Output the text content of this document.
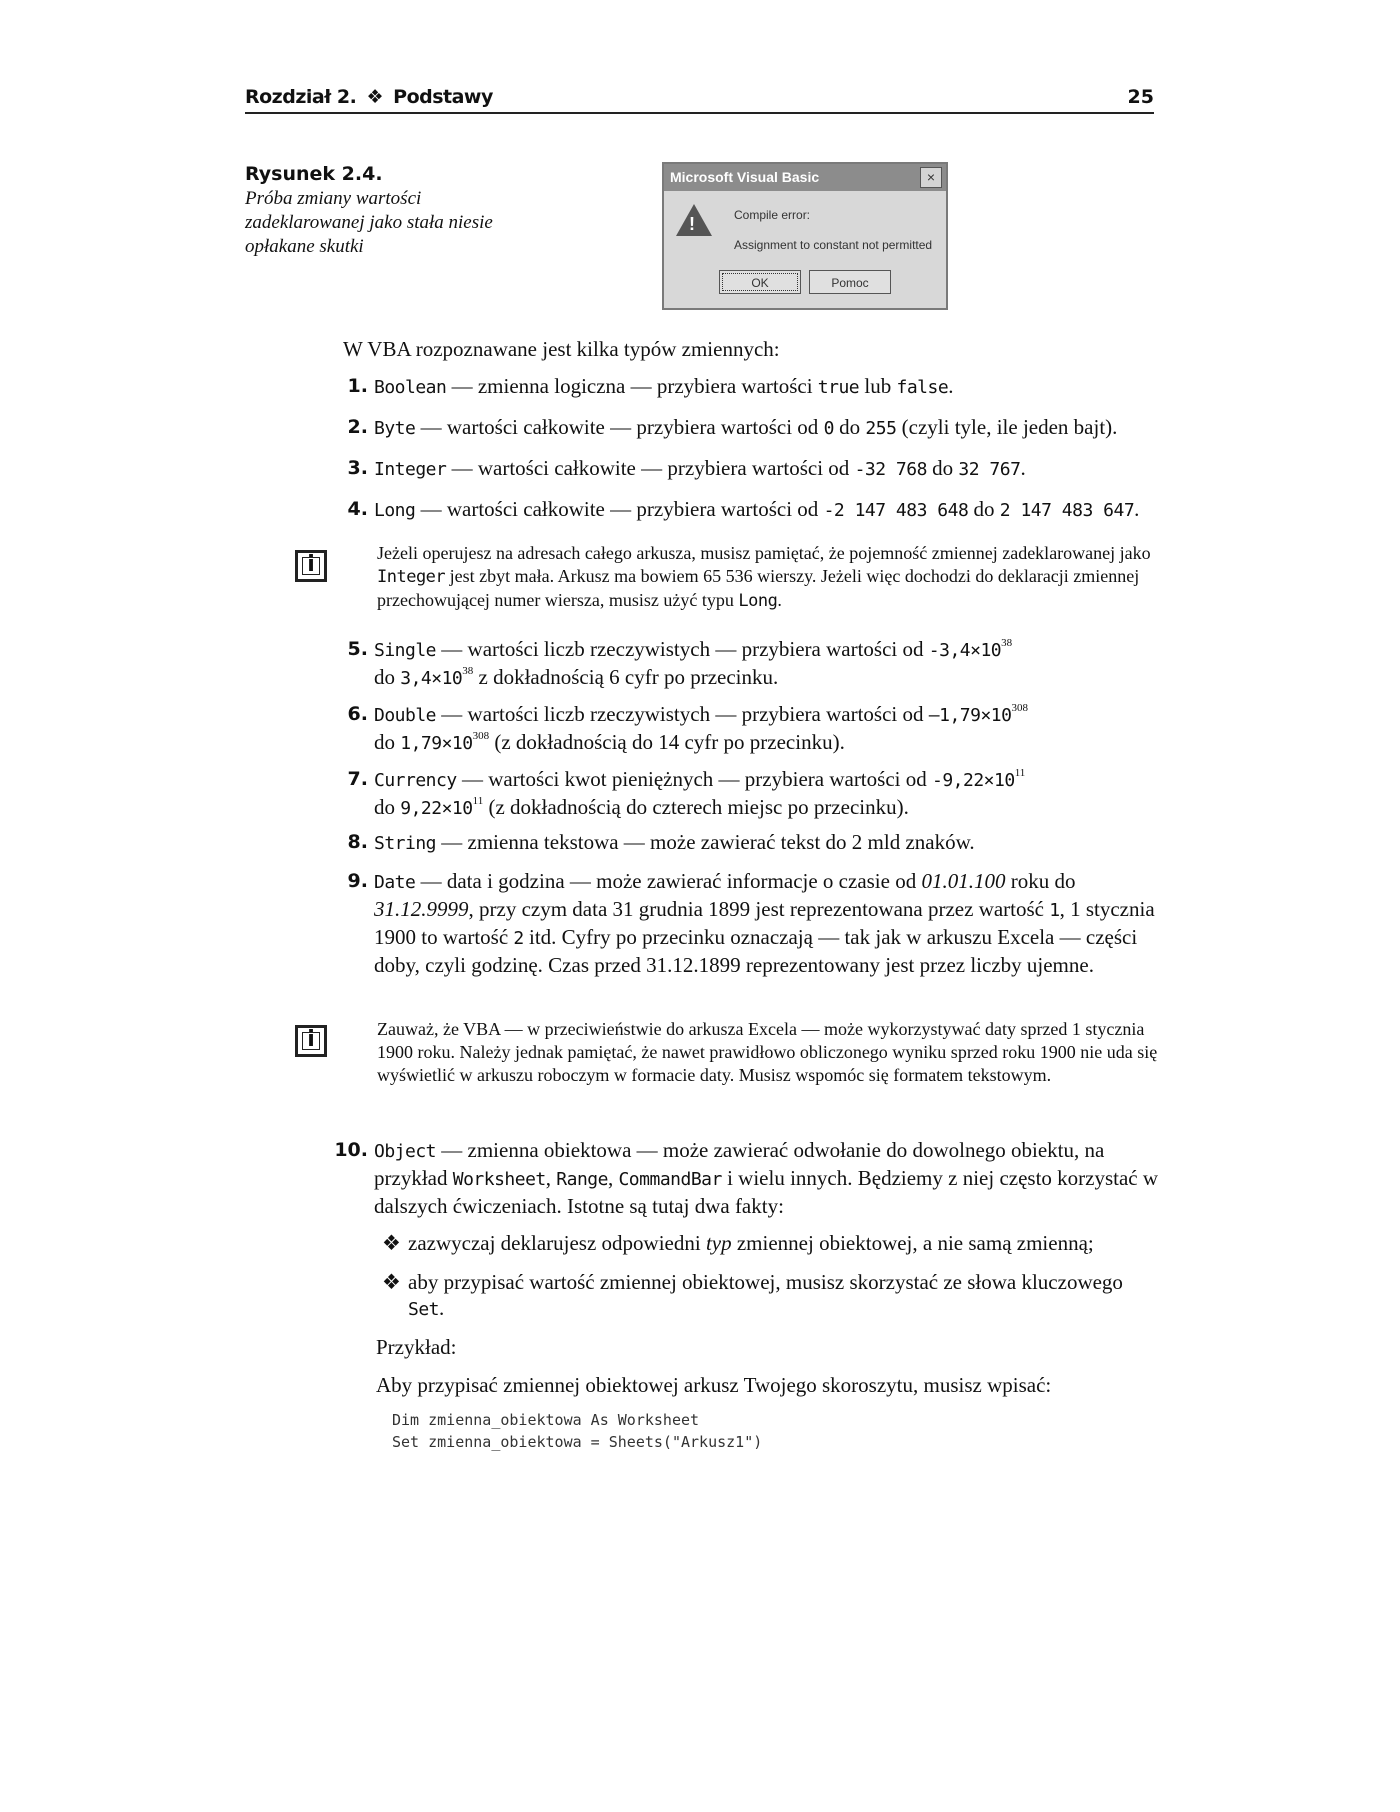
Rozdział 2. ❖ Podstawy	25
Rysunek 2.4.
Próba zmiany wartości zadeklarowanej jako stała niesie opłakane skutki
Microsoft Visual Basic	×
!	Compile error:
Assignment to constant not permitted
OK	Pomoc
W VBA rozpoznawane jest kilka typów zmiennych:
1. Boolean — zmienna logiczna — przybiera wartości true lub false.
2. Byte — wartości całkowite — przybiera wartości od 0 do 255 (czyli tyle, ile jeden bajt).
3. Integer — wartości całkowite — przybiera wartości od -32 768 do 32 767.
4. Long — wartości całkowite — przybiera wartości od -2 147 483 648 do 2 147 483 647.
i	Jeżeli operujesz na adresach całego arkusza, musisz pamiętać, że pojemność zmiennej zadeklarowanej jako Integer jest zbyt mała. Arkusz ma bowiem 65 536 wierszy. Jeżeli więc dochodzi do deklaracji zmiennej przechowującej numer wiersza, musisz użyć typu Long.
5. Single — wartości liczb rzeczywistych — przybiera wartości od $-3,4\times 10^{38}$
do $3,4\times 10^{38}$ z dokładnością 6 cyfr po przecinku.
6. Double — wartości liczb rzeczywistych — przybiera wartości od $-1,79\times 10^{308}$
do $1,79\times 10^{308}$ (z dokładnością do 14 cyfr po przecinku).
7. Currency — wartości kwot pieniężnych — przybiera wartości od $-9,22\times 10^{11}$
do $9,22\times 10^{11}$ (z dokładnością do czterech miejsc po przecinku).
8. String — zmienna tekstowa — może zawierać tekst do 2 mld znaków.
9. Date — data i godzina — może zawierać informacje o czasie od 01.01.100 roku do 31.12.9999, przy czym data 31 grudnia 1899 jest reprezentowana przez wartość 1, 1 stycznia 1900 to wartość 2 itd. Cyfry po przecinku oznaczają — tak jak w arkuszu Excela — części doby, czyli godzinę. Czas przed 31.12.1899 reprezentowany jest przez liczby ujemne.
i	Zauważ, że VBA — w przeciwieństwie do arkusza Excela — może wykorzystywać daty sprzed 1 stycznia 1900 roku. Należy jednak pamiętać, że nawet prawidłowo obliczonego wyniku sprzed roku 1900 nie uda się wyświetlić w arkuszu roboczym w formacie daty. Musisz wspomóc się formatem tekstowym.
10. Object — zmienna obiektowa — może zawierać odwołanie do dowolnego obiektu, na przykład Worksheet, Range, CommandBar i wielu innych. Będziemy z niej często korzystać w dalszych ćwiczeniach. Istotne są tutaj dwa fakty:
❖ zazwyczaj deklarujesz odpowiedni typ zmiennej obiektowej, a nie samą zmienną;
❖ aby przypisać wartość zmiennej obiektowej, musisz skorzystać ze słowa kluczowego Set.
Przykład:
Aby przypisać zmiennej obiektowej arkusz Twojego skoroszytu, musisz wpisać:
Dim zmienna_obiektowa As Worksheet
Set zmienna_obiektowa = Sheets("Arkusz1")
